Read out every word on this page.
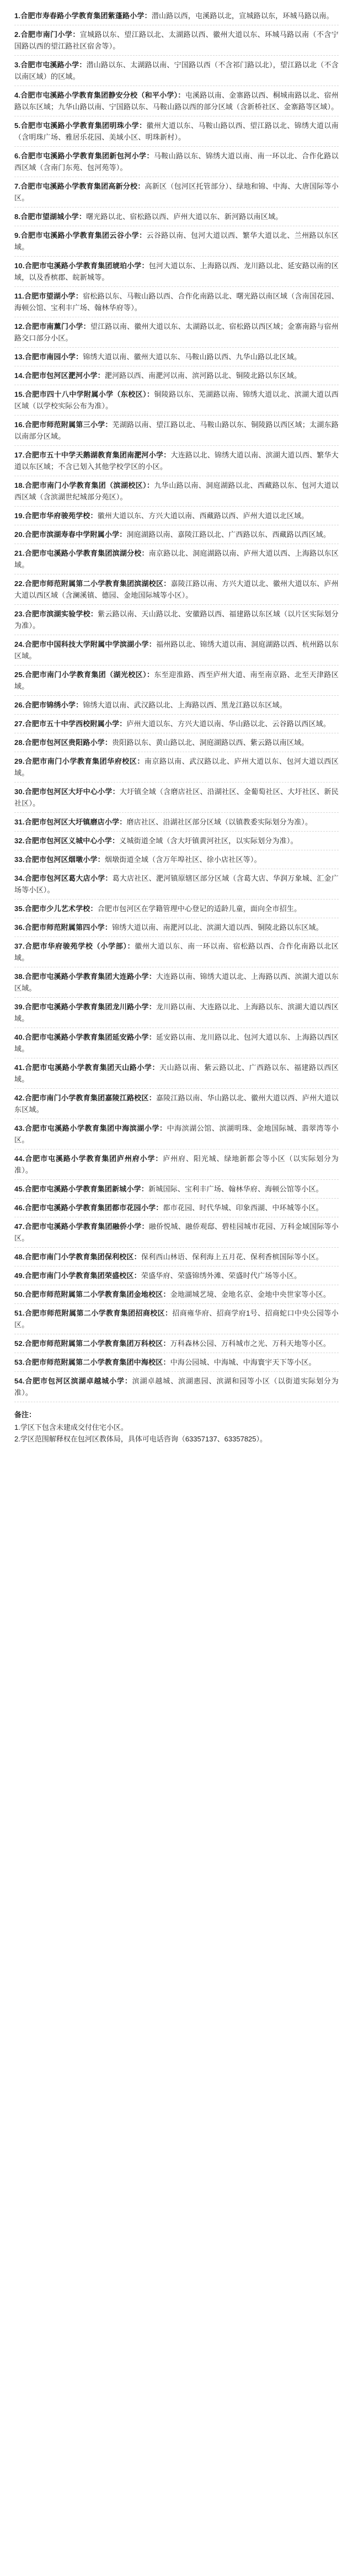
1.合肥市寿春路小学教育集团紫蓬路小学：潜山路以西，屯溪路以北，宣城路以东，环城马路以南。
2.合肥市南门小学：宣城路以东、望江路以北、太湖路以西、徽州大道以东、环城马路以南（不含宁国路以西的望江路社区宿舍等）。
3.合肥市屯溪路小学：潜山路以东、太湖路以南、宁国路以西（不含祁门路以北），望江路以北（不含以南区域）的区域。
4.合肥市屯溪路小学教育集团静安分校（和平小学）：屯溪路以南、金寨路以西、桐城南路以北、宿州路以东区域；九华山路以南、宁国路以东、马鞍山路以西的部分区域（含新桥社区、金寨路等区域）。
5.合肥市屯溪路小学教育集团明珠小学：徽州大道以东、马鞍山路以西、望江路以北、锦绣大道以南（含明珠广场、雅居乐花园、美域小区、明珠新村）。
6.合肥市屯溪路小学教育集团新包河小学：马鞍山路以东、锦绣大道以南、南一环以北、合作化路以西区域（含南门东苑、包河苑等）。
7.合肥市屯溪路小学教育集团高新分校：高新区（包河区托管部分）、绿地和锦、中海、大唐国际等小区。
8.合肥市望湖城小学：曙光路以北、宿松路以西、庐州大道以东、新河路以南区域。
9.合肥市屯溪路小学教育集团云谷小学：云谷路以南、包河大道以西、繁华大道以北、兰州路以东区域。
10.合肥市屯溪路小学教育集团琥珀小学：包河大道以东、上海路以西、龙川路以北、延安路以南的区域，以及香槟郡、皖新城等。
11.合肥市望湖小学：宿松路以东、马鞍山路以西、合作化南路以北、曙光路以南区域（含南国花园、海顿公馆、宝利丰广场、翰林华府等）。
12.合肥市南薰门小学：望江路以南、徽州大道以东、太湖路以北、宿松路以西区域；金寨南路与宿州路交口部分小区。
13.合肥市南园小学：锦绣大道以南、徽州大道以东、马鞍山路以西、九华山路以北区域。
14.合肥市包河区淝河小学：淝河路以西、南淝河以南、滨河路以北、铜陵北路以东区域。
15.合肥市四十八中学附属小学（东校区）：铜陵路以东、芜湖路以南、锦绣大道以北、滨湖大道以西区域（以学校实际公布为准）。
16.合肥市师范附属第三小学：芜湖路以南、望江路以北、马鞍山路以东、铜陵路以西区域；太湖东路以南部分区域。
17.合肥市五十中学天鹅湖教育集团南淝河小学：大连路以北、锦绣大道以南、滨湖大道以西、繁华大道以东区域；不含已划入其他学校学区的小区。
18.合肥市南门小学教育集团（滨湖校区）：九华山路以南、洞庭湖路以北、西藏路以东、包河大道以西区域（含滨湖世纪城部分苑区）。
19.合肥市华府骏苑学校：徽州大道以东、方兴大道以南、西藏路以西、庐州大道以北区域。
20.合肥市滨湖寿春中学附属小学：洞庭湖路以南、嘉陵江路以北、广西路以东、西藏路以西区域。
21.合肥市屯溪路小学教育集团滨湖分校：南京路以北、洞庭湖路以南、庐州大道以西、上海路以东区域。
22.合肥市师范附属第二小学教育集团滨湖校区：嘉陵江路以南、方兴大道以北、徽州大道以东、庐州大道以西区域（含澜溪镇、德园、金地国际城等小区）。
23.合肥市滨湖实验学校：紫云路以南、天山路以北、安徽路以西、福建路以东区域（以片区实际划分为准）。
24.合肥市中国科技大学附属中学滨湖小学：福州路以北、锦绣大道以南、洞庭湖路以西、杭州路以东区域。
25.合肥市南门小学教育集团（湖光校区）：东至迎淮路、西至庐州大道、南至南京路、北至天津路区域。
26.合肥市锦绣小学：锦绣大道以南、武汉路以北、上海路以西、黑龙江路以东区域。
27.合肥市五十中学西校附属小学：庐州大道以东、方兴大道以南、华山路以北、云谷路以西区域。
28.合肥市包河区贵阳路小学：贵阳路以东、黄山路以北、洞庭湖路以西、紫云路以南区域。
29.合肥市南门小学教育集团华府校区：南京路以南、武汉路以北、庐州大道以东、包河大道以西区域。
30.合肥市包河区大圩中心小学：大圩镇全域（含磨店社区、沿湖社区、金葡萄社区、大圩社区、新民社区）。
31.合肥市包河区大圩镇磨店小学：磨店社区、沿湖社区部分区域（以镇教委实际划分为准）。
32.合肥市包河区义城中心小学：义城街道全域（含大圩镇黄河社区，以实际划分为准）。
33.合肥市包河区烟墩小学：烟墩街道全域（含万年埠社区、徐小店社区等）。
34.合肥市包河区葛大店小学：葛大店社区、淝河镇原辖区部分区域（含葛大店、华润万象城、汇金广场等小区）。
35.合肥市少儿艺术学校：合肥市包河区在学籍管理中心登记的适龄儿童，面向全市招生。
36.合肥市师范附属第四小学：锦绣大道以南、南淝河以北、滨湖大道以西、铜陵北路以东区域。
37.合肥市华府骏苑学校（小学部）：徽州大道以东、南一环以南、宿松路以西、合作化南路以北区域。
38.合肥市屯溪路小学教育集团大连路小学：大连路以南、锦绣大道以北、上海路以西、滨湖大道以东区域。
39.合肥市屯溪路小学教育集团龙川路小学：龙川路以南、大连路以北、上海路以东、滨湖大道以西区域。
40.合肥市屯溪路小学教育集团延安路小学：延安路以南、龙川路以北、包河大道以东、上海路以西区域。
41.合肥市屯溪路小学教育集团天山路小学：天山路以南、紫云路以北、广西路以东、福建路以西区域。
42.合肥市南门小学教育集团嘉陵江路校区：嘉陵江路以南、华山路以北、徽州大道以西、庐州大道以东区域。
43.合肥市屯溪路小学教育集团中海滨湖小学：中海滨湖公馆、滨湖明珠、金地国际城、翡翠湾等小区。
44.合肥市屯溪路小学教育集团庐州府小学：庐州府、阳光城、绿地新都会等小区（以实际划分为准）。
45.合肥市屯溪路小学教育集团新城小学：新城国际、宝利丰广场、翰林华府、海顿公馆等小区。
46.合肥市屯溪路小学教育集团都市花园小学：都市花园、时代华城、印象西湖、中环城等小区。
47.合肥市屯溪路小学教育集团融侨小学：融侨悦城、融侨观邸、碧桂园城市花园、万科金域国际等小区。
48.合肥市南门小学教育集团保利校区：保利西山林语、保利海上五月花、保利香槟国际等小区。
49.合肥市南门小学教育集团荣盛校区：荣盛华府、荣盛锦绣外滩、荣盛时代广场等小区。
50.合肥市师范附属第二小学教育集团金地校区：金地湖城艺境、金地名京、金地中央世家等小区。
51.合肥市师范附属第二小学教育集团招商校区：招商雍华府、招商学府1号、招商蛇口中央公园等小区。
52.合肥市师范附属第二小学教育集团万科校区：万科森林公园、万科城市之光、万科天地等小区。
53.合肥市师范附属第二小学教育集团中海校区：中海公园城、中海城、中海寰宇天下等小区。
54.合肥市包河区滨湖卓越城小学：滨湖卓越城、滨湖惠园、滨湖和园等小区（以街道实际划分为准）。
备注：
1.学区下包含未建成交付住宅小区。
2.学区范围解释权在包河区教体局，具体可电话咨询（63357137、63357825）。
